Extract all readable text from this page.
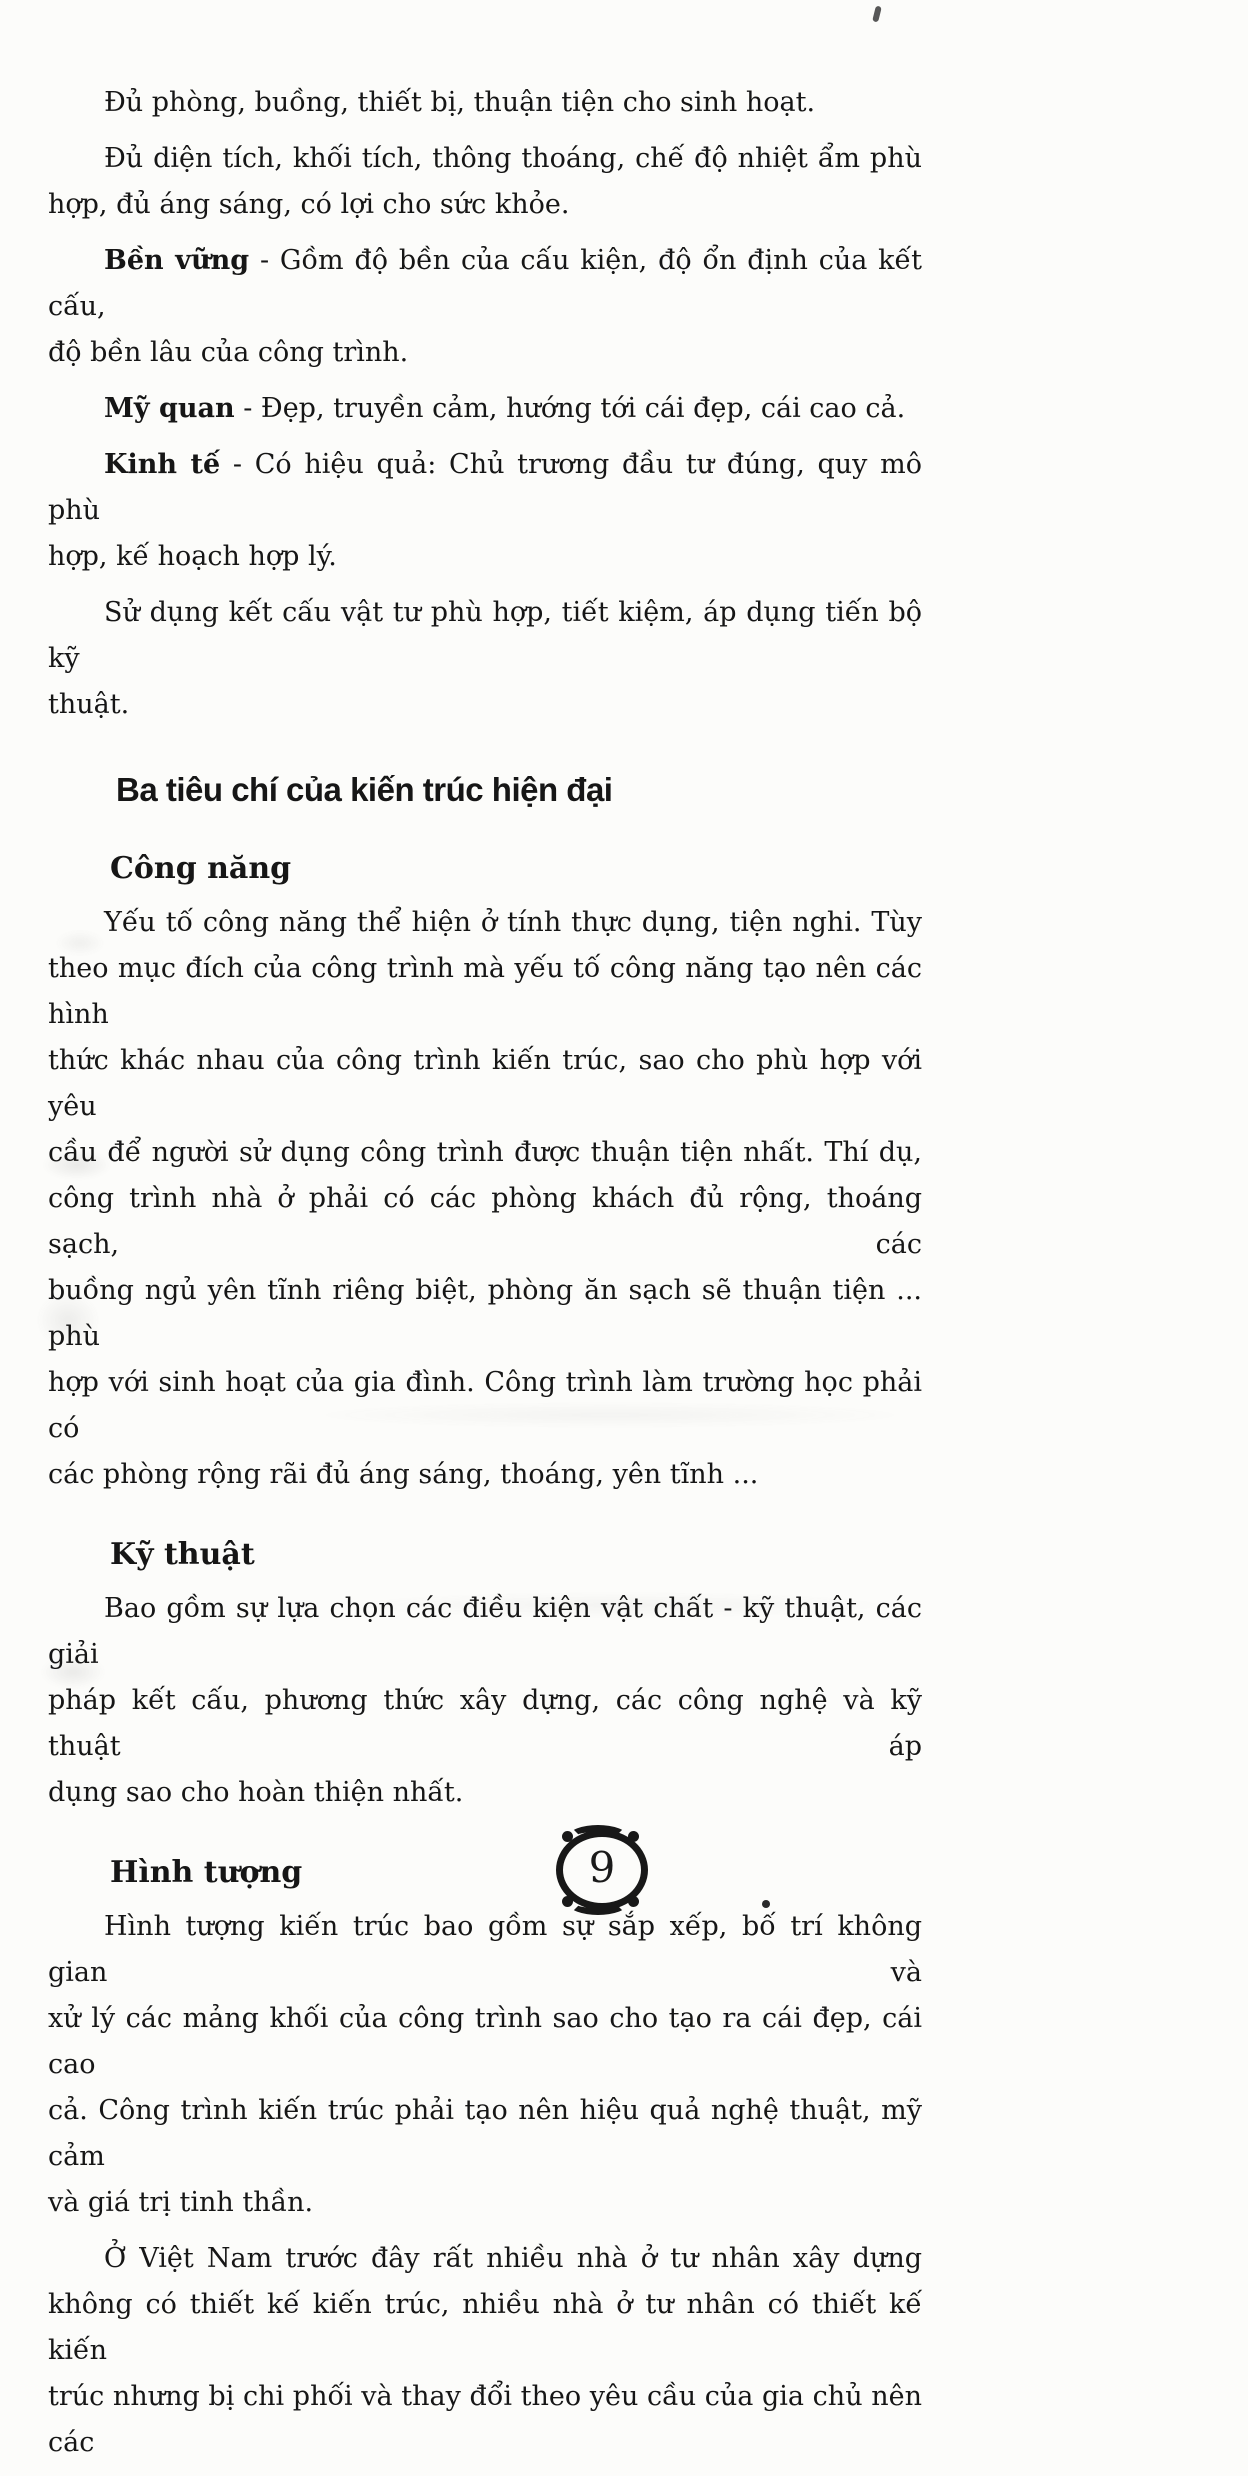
Đủ phòng, buồng, thiết bị, thuận tiện cho sinh hoạt.
Đủ diện tích, khối tích, thông thoáng, chế độ nhiệt ẩm phù
hợp, đủ áng sáng, có lợi cho sức khỏe.
Bền vững - Gồm độ bền của cấu kiện, độ ổn định của kết cấu,
độ bền lâu của công trình.
Mỹ quan - Đẹp, truyền cảm, hướng tới cái đẹp, cái cao cả.
Kinh tế - Có hiệu quả: Chủ trương đầu tư đúng, quy mô phù
hợp, kế hoạch hợp lý.
Sử dụng kết cấu vật tư phù hợp, tiết kiệm, áp dụng tiến bộ kỹ
thuật.
Ba tiêu chí của kiến trúc hiện đại
Công năng
Yếu tố công năng thể hiện ở tính thực dụng, tiện nghi. Tùy
theo mục đích của công trình mà yếu tố công năng tạo nên các hình
thức khác nhau của công trình kiến trúc, sao cho phù hợp với yêu
cầu để người sử dụng công trình được thuận tiện nhất. Thí dụ,
công trình nhà ở phải có các phòng khách đủ rộng, thoáng sạch, các
buồng ngủ yên tĩnh riêng biệt, phòng ăn sạch sẽ thuận tiện ... phù
hợp với sinh hoạt của gia đình. Công trình làm trường học phải có
các phòng rộng rãi đủ áng sáng, thoáng, yên tĩnh ...
Kỹ thuật
Bao gồm sự lựa chọn các điều kiện vật chất - kỹ thuật, các giải
pháp kết cấu, phương thức xây dựng, các công nghệ và kỹ thuật áp
dụng sao cho hoàn thiện nhất.
Hình tượng
Hình tượng kiến trúc bao gồm sự sắp xếp, bố trí không gian và
xử lý các mảng khối của công trình sao cho tạo ra cái đẹp, cái cao
cả. Công trình kiến trúc phải tạo nên hiệu quả nghệ thuật, mỹ cảm
và giá trị tinh thần.
Ở Việt Nam trước đây rất nhiều nhà ở tư nhân xây dựng
không có thiết kế kiến trúc, nhiều nhà ở tư nhân có thiết kế kiến
trúc nhưng bị chi phối và thay đổi theo yêu cầu của gia chủ nên các
9
